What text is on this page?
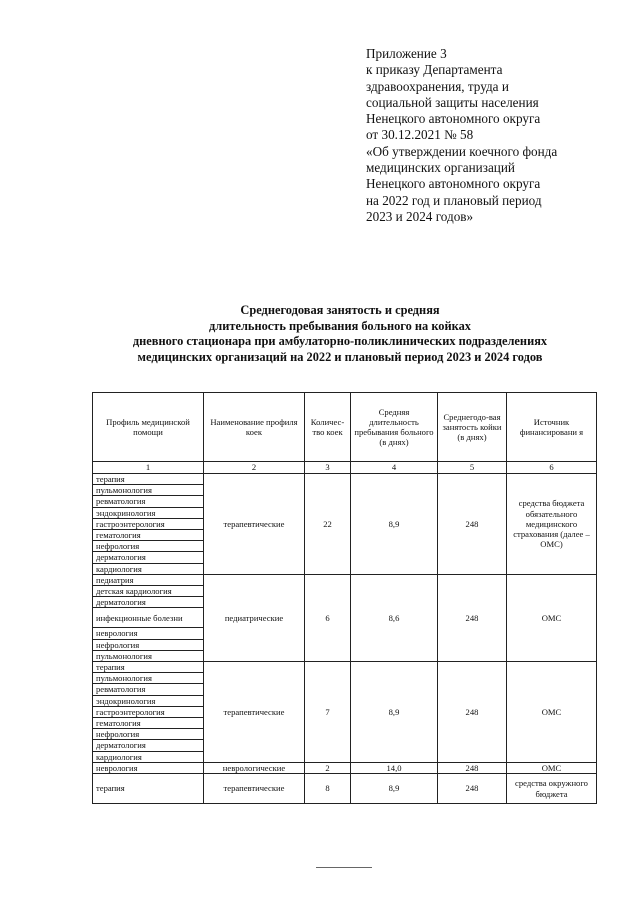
Приложение 3
к приказу Департамента
здравоохранения, труда и
социальной защиты населения
Ненецкого автономного округа
от 30.12.2021 № 58
«Об утверждении коечного фонда
медицинских организаций
Ненецкого автономного округа
на 2022 год и плановый период
2023 и 2024 годов»
Среднегодовая занятость и средняя
длительность пребывания больного на койках
дневного стационара при амбулаторно-поликлинических подразделениях
медицинских организаций на 2022 и плановый период 2023 и 2024 годов
Профиль медицинской помощи	Наименование профиля коек	Количес-тво коек	Средняя длительность пребывания больного (в днях)	Среднегодо-вая занятость койки (в днях)	Источник финансировани я
1	2	3	4	5	6
терапия	терапевтические	22	8,9	248	средства бюджета обязательного медицинского страхования (далее – ОМС)
пульмонология					
ревматология					
эндокринология					
гастроэнтерология					
гематология					
нефрология					
дерматология					
кардиология					
педиатрия	педиатрические	6	8,6	248	ОМС
детская кардиология					
дерматология					
инфекционные болезни					
неврология					
нефрология					
пульмонология					
терапия	терапевтические	7	8,9	248	ОМС
пульмонология					
ревматология					
эндокринология					
гастроэнтерология					
гематология					
нефрология					
дерматология					
кардиология					
неврология	неврологические	2	14,0	248	ОМС
терапия	терапевтические	8	8,9	248	средства окружного бюджета
